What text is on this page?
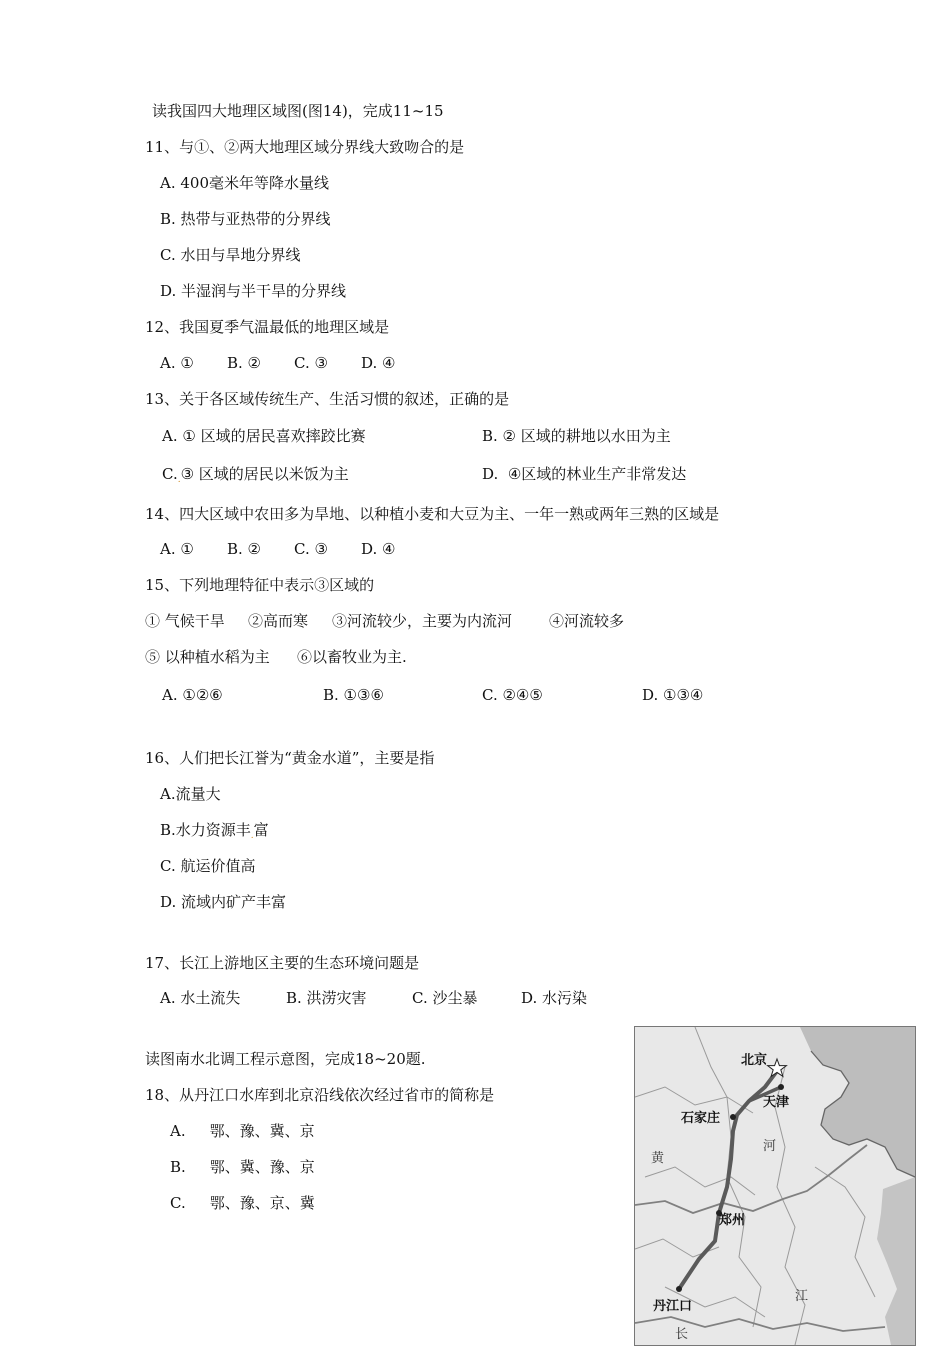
读我国四大地理区域图(图14)，完成11~15
11、与①、②两大地理区域分界线大致吻合的是
A. 400毫米年等降水量线
B. 热带与亚热带的分界线
C. 水田与旱地分界线
D. 半湿润与半干旱的分界线
12、我国夏季气温最低的地理区域是
A. ① B. ② C. ③ D. ④
13、关于各区域传统生产、生活习惯的叙述，正确的是
A. ① 区域的居民喜欢摔跤比赛	B. ② 区域的耕地以水田为主
$C._.③$ 区域的居民以米饭为主	D. ④区域的林业生产非常发达
14、四大区域中农田多为旱地、以种植小麦和大豆为主、一年一熟或两年三熟的区域是
A. ① B. ② C. ③ D. ④
15、下列地理特征中表示③区域的
① 气候干旱 ②高而寒 ③河流较少，主要为内流河 ④河流较多
⑤ 以种植水稻为主 ⑥以畜牧业为主.
A. ①②⑥	B. ①③⑥	C. ②④⑤	D. ①③④
16、人们把长江誉为“黄金水道”，主要是指
A.流量大
B.水力资源丰$_.$富
C. 航运价值高
D. 流域内矿产丰富
17、长江上游地区主要的生态环境问题是
A. 水土流失	B. 洪涝灾害	C. 沙尘暴	D. 水污染
读图南水北调工程示意图，完成18~20题.
18、从丹江口水库到北京沿线依次经过省市的简称是
A. 鄂、豫、冀、京
B. 鄂、冀、豫、京
C. 鄂、豫、京、冀
北京
天津
石家庄
河
黄
郑州
丹江口
江
长
